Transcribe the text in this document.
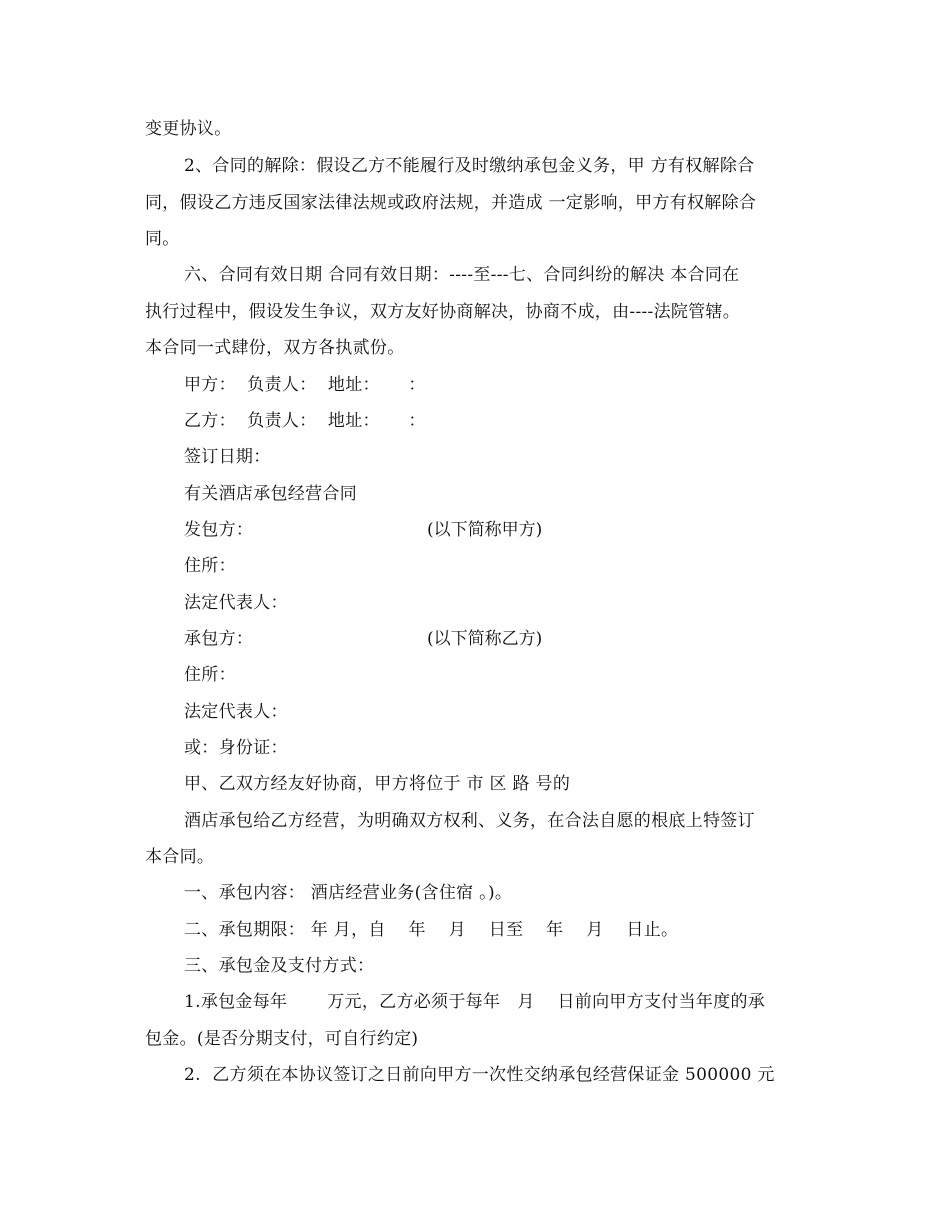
变更协议。
2、合同的解除：假设乙方不能履行及时缴纳承包金义务，甲 方有权解除合
同，假设乙方违反国家法律法规或政府法规，并造成 一定影响，甲方有权解除合
同。
六、合同有效日期 合同有效日期：----至---七、合同纠纷的解决 本合同在
执行过程中，假设发生争议，双方友好协商解决，协商不成，由----法院管辖。
本合同一式肆份，双方各执贰份。
甲方：  负责人：  地址：     ：
乙方：  负责人：  地址：     ：
签订日期：
有关酒店承包经营合同
发包方：	(以下简称甲方)
住所：
法定代表人：
承包方：	(以下简称乙方)
住所：
法定代表人：
或：身份证：
甲、乙双方经友好协商，甲方将位于 市 区 路 号的
酒店承包给乙方经营，为明确双方权利、义务，在合法自愿的根底上特签订
本合同。
一、承包内容： 酒店经营业务(含住宿 。)。
二、承包期限： 年 月，自    年    月    日至    年    月    日止。
三、承包金及支付方式：
1.承包金每年       万元，乙方必须于每年   月    日前向甲方支付当年度的承
包金。(是否分期支付，可自行约定)
2.  乙方须在本协议签订之日前向甲方一次性交纳承包经营保证金 500000 元
